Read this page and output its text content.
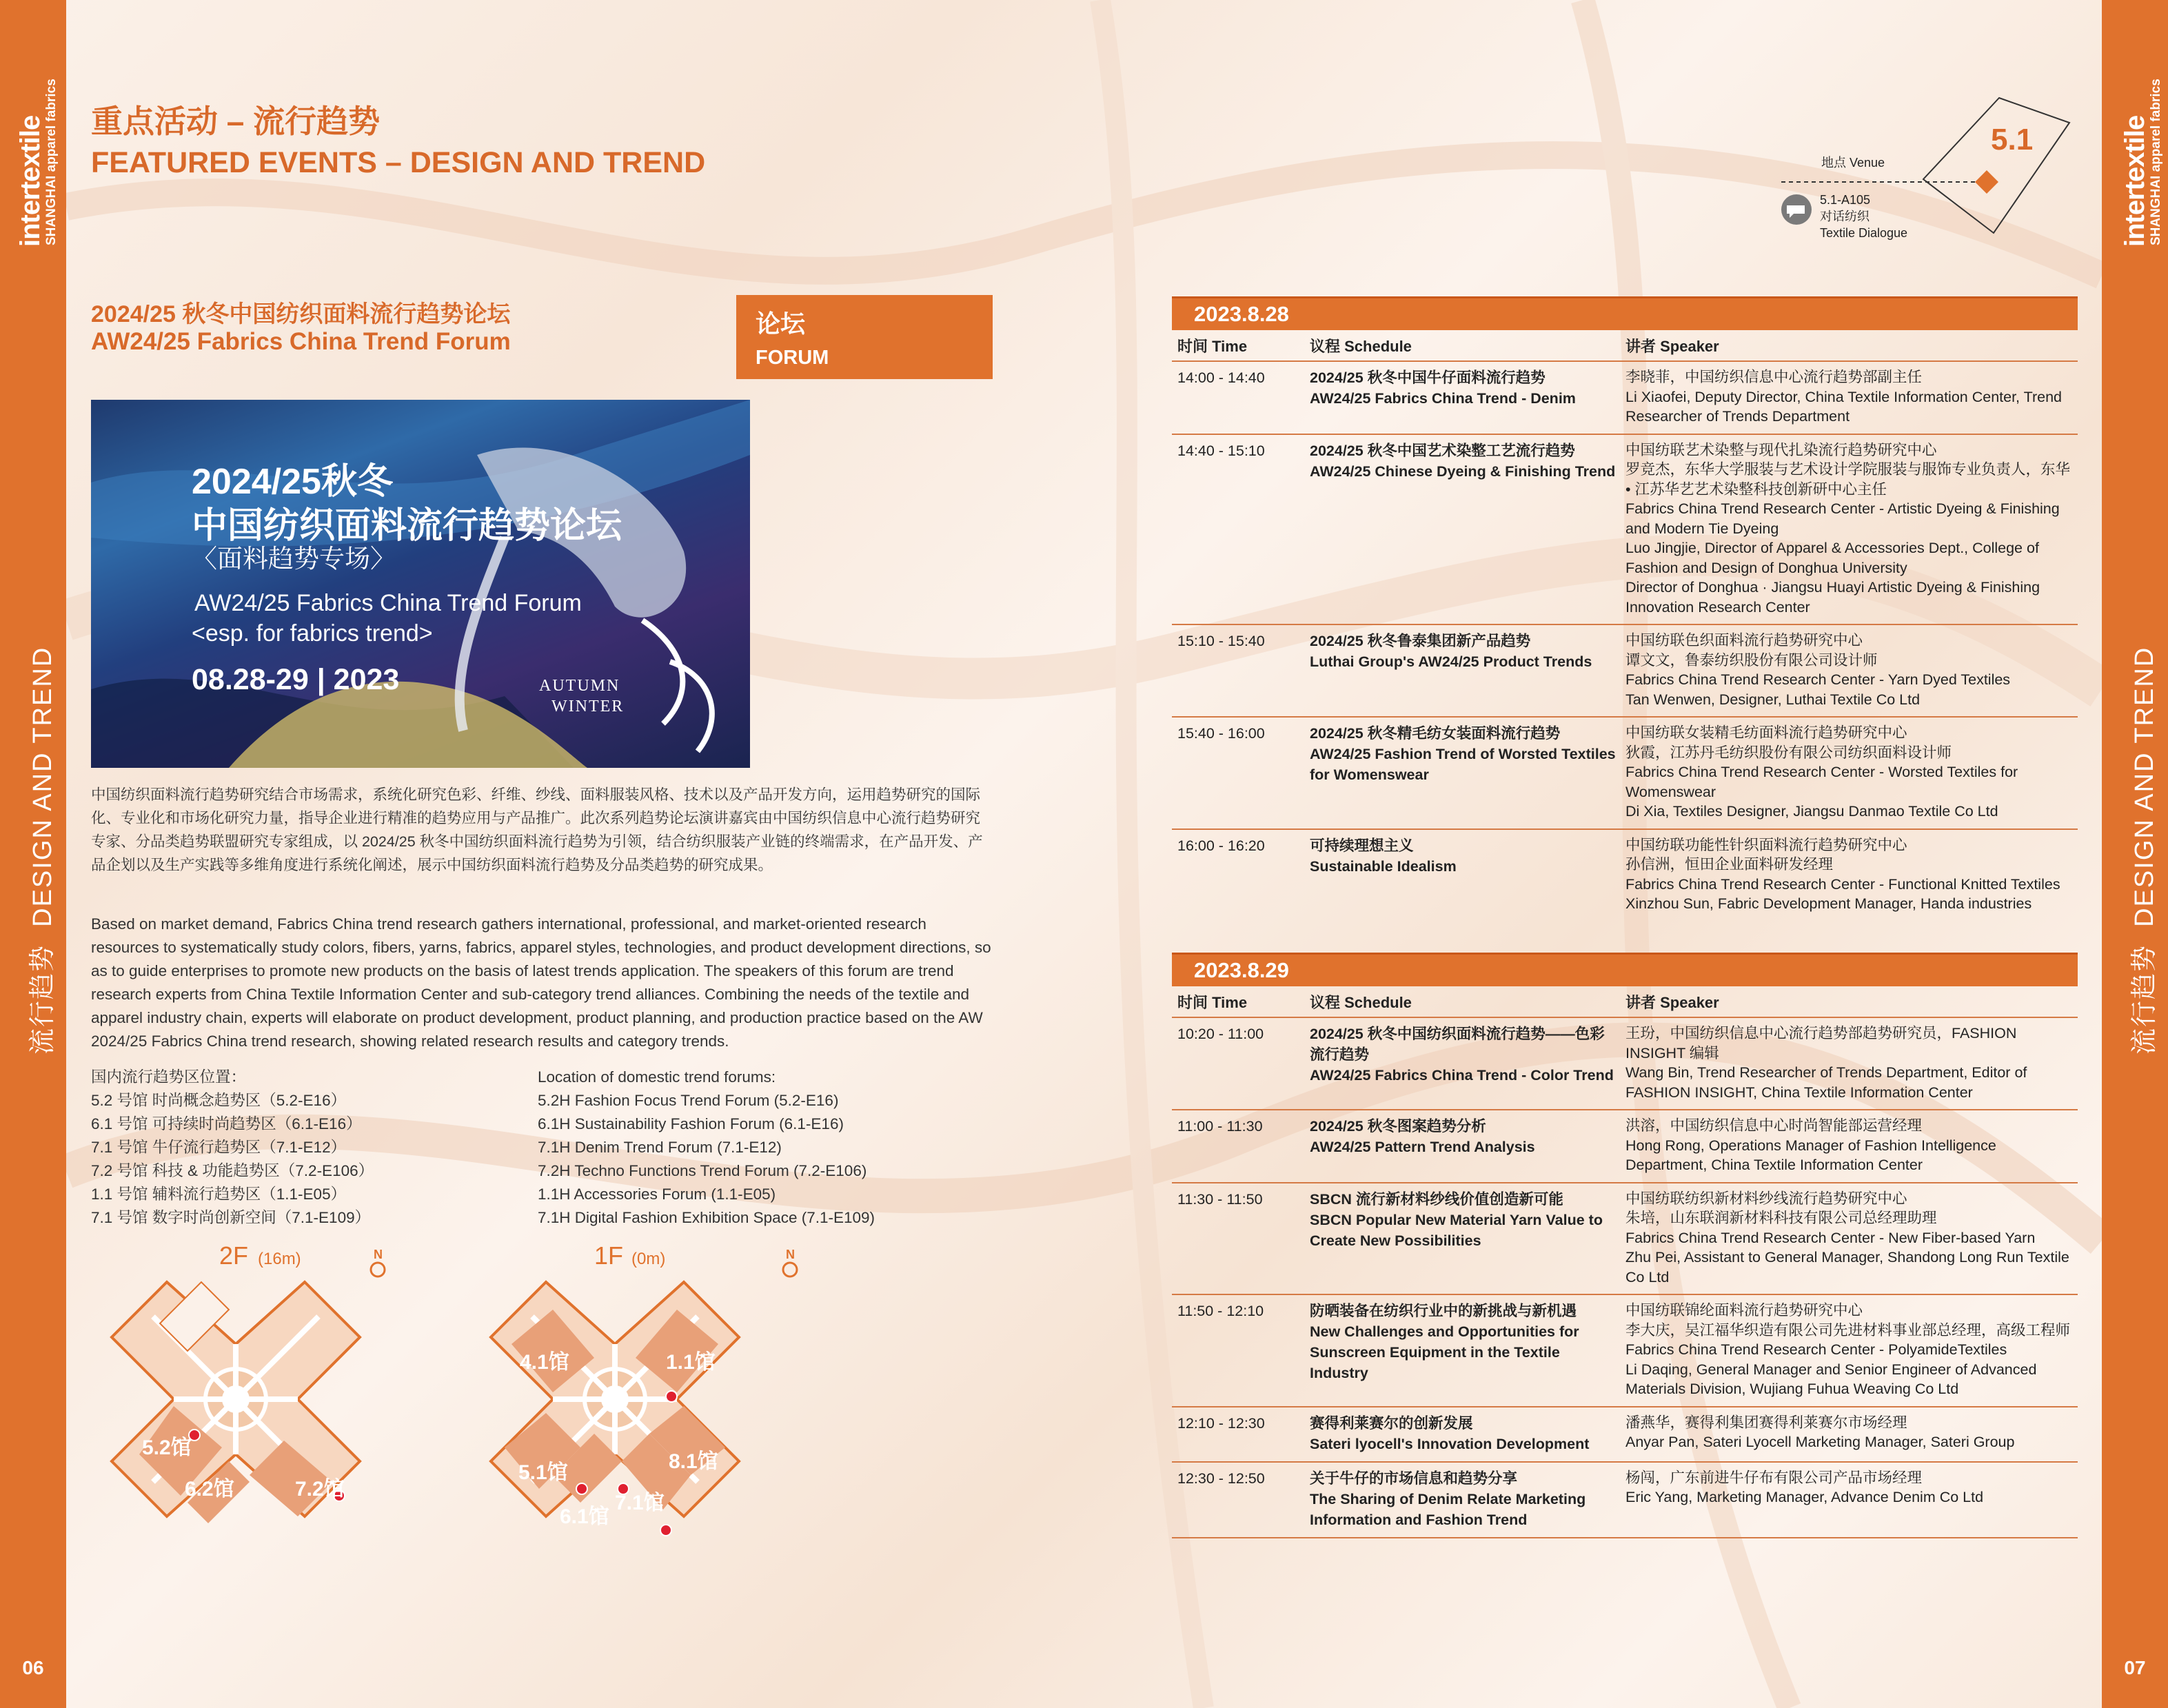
intertextile
SHANGHAI apparel fabrics
流行趋势  DESIGN AND TREND
06
intertextile
SHANGHAI apparel fabrics
流行趋势  DESIGN AND TREND
07
重点活动 – 流行趋势
FEATURED EVENTS – DESIGN AND TREND	地点 Venue
5.1
5.1-A105
对话纺织
Textile Dialogue
2024/25 秋冬中国纺织面料流行趋势论坛
AW24/25 Fabrics China Trend Forum
论坛
FORUM
2024/25秋冬
中国纺织面料流行趋势论坛
〈面料趋势专场〉
AW24/25 Fabrics China Trend Forum
<esp. for fabrics trend>
08.28-29 | 2023	AUTUMN
WINTER

中国纺织面料流行趋势研究结合市场需求，系统化研究色彩、纤维、纱线、面料服装风格、技术以及产品开发方向，运用趋势研究的国际化、专业化和市场化研究力量，指导企业进行精准的趋势应用与产品推广。此次系列趋势论坛演讲嘉宾由中国纺织信息中心流行趋势研究专家、分品类趋势联盟研究专家组成，以 2024/25 秋冬中国纺织面料流行趋势为引领，结合纺织服装产业链的终端需求，在产品开发、产品企划以及生产实践等多维角度进行系统化阐述，展示中国纺织面料流行趋势及分品类趋势的研究成果。

Based on market demand, Fabrics China trend research gathers international, professional, and market-oriented research resources to systematically study colors, fibers, yarns, fabrics, apparel styles, technologies, and product development directions, so as to guide enterprises to promote new products on the basis of latest trends application. The speakers of this forum are trend research experts from China Textile Information Center and sub-category trend alliances. Combining the needs of the textile and apparel industry chain, experts will elaborate on product development, product planning, and production practice based on the AW 2024/25 Fabrics China trend research, showing related research results and category trends.

国内流行趋势区位置：
5.2 号馆 时尚概念趋势区（5.2-E16）
6.1 号馆 可持续时尚趋势区（6.1-E16）
7.1 号馆 牛仔流行趋势区（7.1-E12）
7.2 号馆 科技 & 功能趋势区（7.2-E106）
1.1 号馆 辅料流行趋势区（1.1-E05）
7.1 号馆 数字时尚创新空间（7.1-E109）
Location of domestic trend forums:
5.2H Fashion Focus Trend Forum (5.2-E16)
6.1H Sustainability Fashion Forum (6.1-E16)
7.1H Denim Trend Forum (7.1-E12)
7.2H Techno Functions Trend Forum (7.2-E106)
1.1H Accessories Forum (1.1-E05)
7.1H Digital Fashion Exhibition Space (7.1-E109)
2F (16m)
5.2馆
6.2馆	7.2馆
N	1F (0m)
4.1馆	1.1馆
5.1馆
6.1馆
7.1馆
8.1馆
N
2023.8.28
时间 Time	议程 Schedule	讲者 Speaker
14:00 - 14:40	2024/25 秋冬中国牛仔面料流行趋势
AW24/25 Fabrics China Trend - Denim
李晓菲，中国纺织信息中心流行趋势部副主任
Li Xiaofei, Deputy Director, China Textile Information Center, Trend Researcher of Trends Department
14:40 - 15:10	2024/25 秋冬中国艺术染整工艺流行趋势
AW24/25 Chinese Dyeing & Finishing Trend
中国纺联艺术染整与现代扎染流行趋势研究中心
罗竞杰，东华大学服装与艺术设计学院服装与服饰专业负责人，东华 • 江苏华艺艺术染整科技创新研中心主任
Fabrics China Trend Research Center - Artistic Dyeing & Finishing and Modern Tie Dyeing
Luo Jingjie, Director of Apparel & Accessories Dept., College of Fashion and Design of Donghua University
Director of Donghua · Jiangsu Huayi Artistic Dyeing & Finishing Innovation Research Center
15:10 - 15:40	2024/25 秋冬鲁泰集团新产品趋势
Luthai Group's AW24/25 Product Trends
中国纺联色织面料流行趋势研究中心
谭文文，鲁泰纺织股份有限公司设计师
Fabrics China Trend Research Center - Yarn Dyed Textiles
Tan Wenwen, Designer, Luthai Textile Co Ltd
15:40 - 16:00	2024/25 秋冬精毛纺女装面料流行趋势
AW24/25 Fashion Trend of Worsted Textiles for Womenswear
中国纺联女装精毛纺面料流行趋势研究中心
狄霞，江苏丹毛纺织股份有限公司纺织面料设计师
Fabrics China Trend Research Center - Worsted Textiles for Womenswear
Di Xia, Textiles Designer, Jiangsu Danmao Textile Co Ltd
16:00 - 16:20	可持续理想主义
Sustainable Idealism
中国纺联功能性针织面料流行趋势研究中心
孙信洲，恒田企业面料研发经理
Fabrics China Trend Research Center - Functional Knitted Textiles
Xinzhou Sun, Fabric Development Manager, Handa industries
2023.8.29
时间 Time	议程 Schedule	讲者 Speaker
10:20 - 11:00	2024/25 秋冬中国纺织面料流行趋势——色彩流行趋势
AW24/25 Fabrics China Trend - Color Trend
王玢，中国纺织信息中心流行趋势部趋势研究员，FASHION INSIGHT 编辑
Wang Bin, Trend Researcher of Trends Department, Editor of FASHION INSIGHT, China Textile Information Center
11:00 - 11:30	2024/25 秋冬图案趋势分析
AW24/25 Pattern Trend Analysis
洪溶，中国纺织信息中心时尚智能部运营经理
Hong Rong, Operations Manager of Fashion Intelligence Department, China Textile Information Center
11:30 - 11:50	SBCN 流行新材料纱线价值创造新可能
SBCN Popular New Material Yarn Value to Create New Possibilities
中国纺联纺织新材料纱线流行趋势研究中心
朱培，山东联润新材料科技有限公司总经理助理
Fabrics China Trend Research Center - New Fiber-based Yarn
Zhu Pei, Assistant to General Manager, Shandong Long Run Textile Co Ltd
11:50 - 12:10	防晒装备在纺织行业中的新挑战与新机遇
New Challenges and Opportunities for Sunscreen Equipment in the Textile Industry
中国纺联锦纶面料流行趋势研究中心
李大庆，吴江福华织造有限公司先进材料事业部总经理，高级工程师
Fabrics China Trend Research Center - PolyamideTextiles
Li Daqing, General Manager and Senior Engineer of Advanced Materials Division, Wujiang Fuhua Weaving Co Ltd
12:10 - 12:30	赛得利莱赛尔的创新发展
Sateri lyocell's Innovation Development
潘燕华，赛得利集团赛得利莱赛尔市场经理
Anyar Pan, Sateri Lyocell Marketing Manager, Sateri Group
12:30 - 12:50	关于牛仔的市场信息和趋势分享
The Sharing of Denim Relate Marketing Information and Fashion Trend
杨闯，广东前进牛仔布有限公司产品市场经理
Eric Yang, Marketing Manager, Advance Denim Co Ltd
